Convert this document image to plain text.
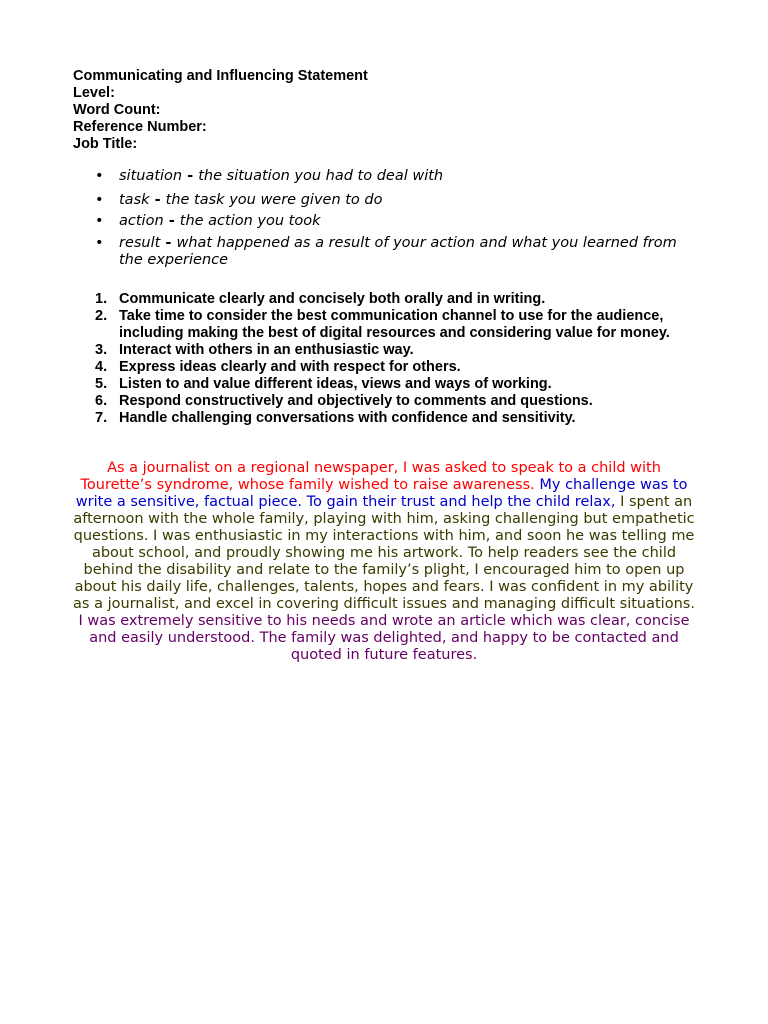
Communicating and Influencing Statement

Level:

Word Count:

Reference Number:

Job Title:

• situation - the situation you had to deal with
• task - the task you were given to do
• action - the action you took
• result - what happened as a result of your action and what you learned from the experience
1. Communicate clearly and concisely both orally and in writing.
2. Take time to consider the best communication channel to use for the audience, including making the best of digital resources and considering value for money.
3. Interact with others in an enthusiastic way.
4. Express ideas clearly and with respect for others.
5. Listen to and value different ideas, views and ways of working.
6. Respond constructively and objectively to comments and questions.
7. Handle challenging conversations with confidence and sensitivity.

As a journalist on a regional newspaper, I was asked to speak to a child with Tourette’s syndrome, whose family wished to raise awareness. My challenge was to write a sensitive, factual piece. To gain their trust and help the child relax, I spent an afternoon with the whole family, playing with him, asking challenging but empathetic questions. I was enthusiastic in my interactions with him, and soon he was telling me about school, and proudly showing me his artwork. To help readers see the child behind the disability and relate to the family’s plight, I encouraged him to open up about his daily life, challenges, talents, hopes and fears. I was confident in my ability as a journalist, and excel in covering difficult issues and managing difficult situations. I was extremely sensitive to his needs and wrote an article which was clear, concise and easily understood. The family was delighted, and happy to be contacted and quoted in future features.
